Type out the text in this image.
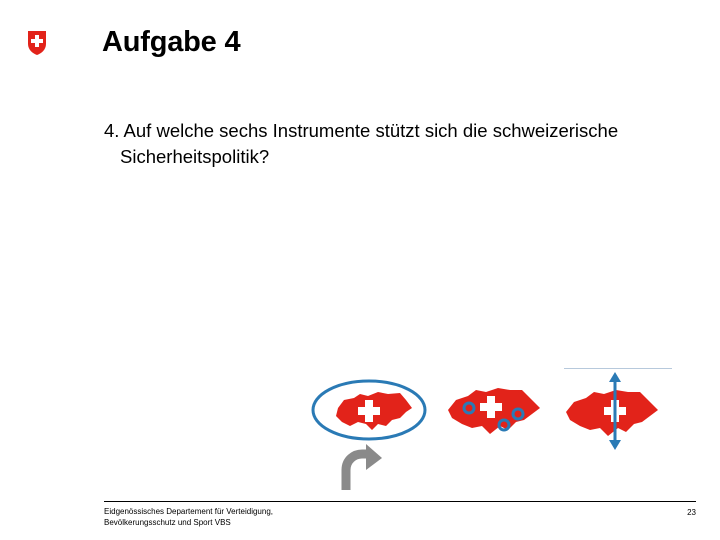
Aufgabe 4
4. Auf welche sechs Instrumente stützt sich die schweizerische
Sicherheitspolitik?
Eidgenössisches Departement für Verteidigung,
Bevölkerungsschutz und Sport VBS
23
